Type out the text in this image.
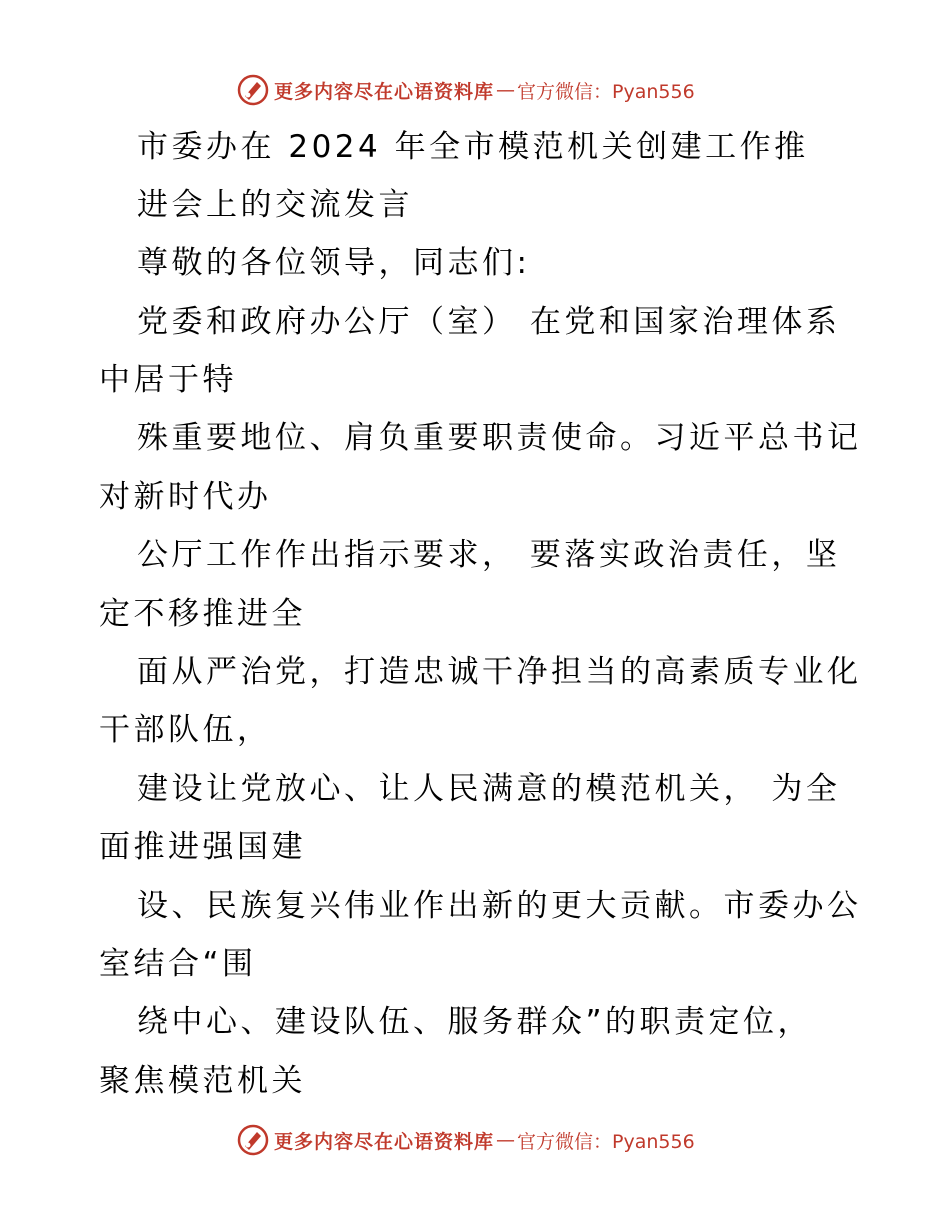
更多内容尽在心语资料库 — 官方微信：Pyan556
市委办在 2024 年全市模范机关创建工作推
进会上的交流发言
尊敬的各位领导，同志们:
党委和政府办公厅（室） 在党和国家治理体系
中居于特
殊重要地位、肩负重要职责使命。习近平总书记
对新时代办
公厅工作作出指示要求， 要落实政治责任，坚
定不移推进全
面从严治党，打造忠诚干净担当的高素质专业化
干部队伍，
建设让党放心、让人民满意的模范机关， 为全
面推进强国建
设、民族复兴伟业作出新的更大贡献。市委办公
室结合“围
绕中心、建设队伍、服务群众”的职责定位，
聚焦模范机关
更多内容尽在心语资料库 — 官方微信：Pyan556
